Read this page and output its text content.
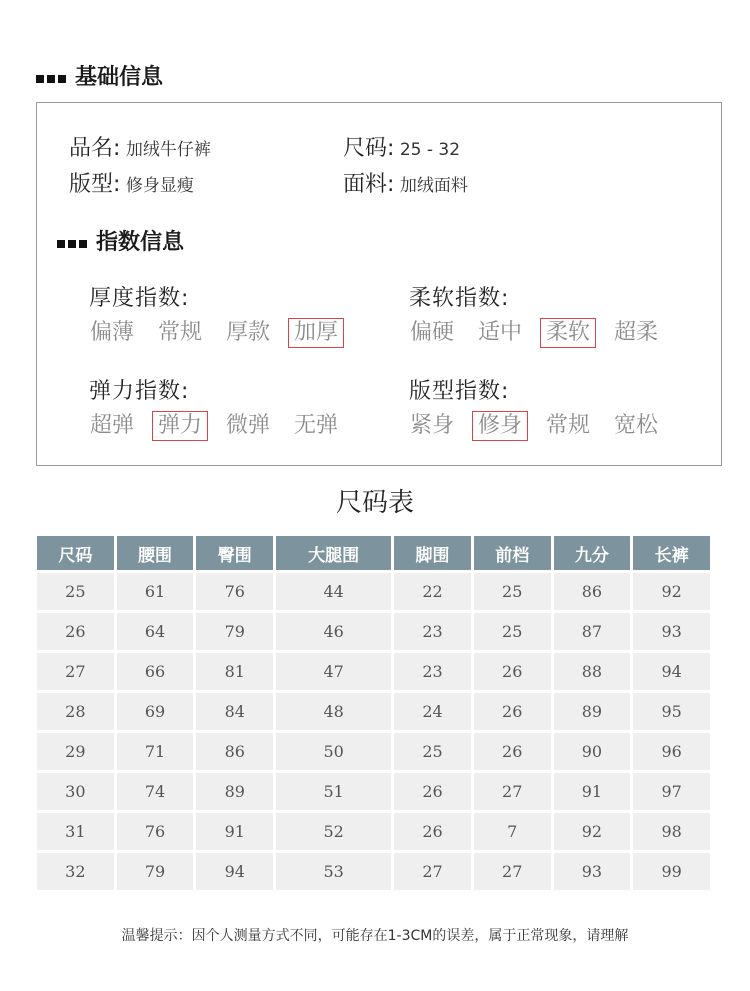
基础信息
品名: 加绒牛仔裤	尺码: 25 - 32
版型: 修身显瘦	面料: 加绒面料
指数信息
厚度指数:
偏薄 常规 厚款 加厚
柔软指数:
偏硬 适中 柔软 超柔
弹力指数:
超弹 弹力 微弹 无弹
版型指数:
紧身 修身 常规 宽松
尺码表
尺码	腰围	臀围	大腿围	脚围	前档	九分	长裤
25	61	76	44	22	25	86	92
26	64	79	46	23	25	87	93
27	66	81	47	23	26	88	94
28	69	84	48	24	26	89	95
29	71	86	50	25	26	90	96
30	74	89	51	26	27	91	97
31	76	91	52	26	7	92	98
32	79	94	53	27	27	93	99
温馨提示：因个人测量方式不同，可能存在1-3CM的误差，属于正常现象，请理解
